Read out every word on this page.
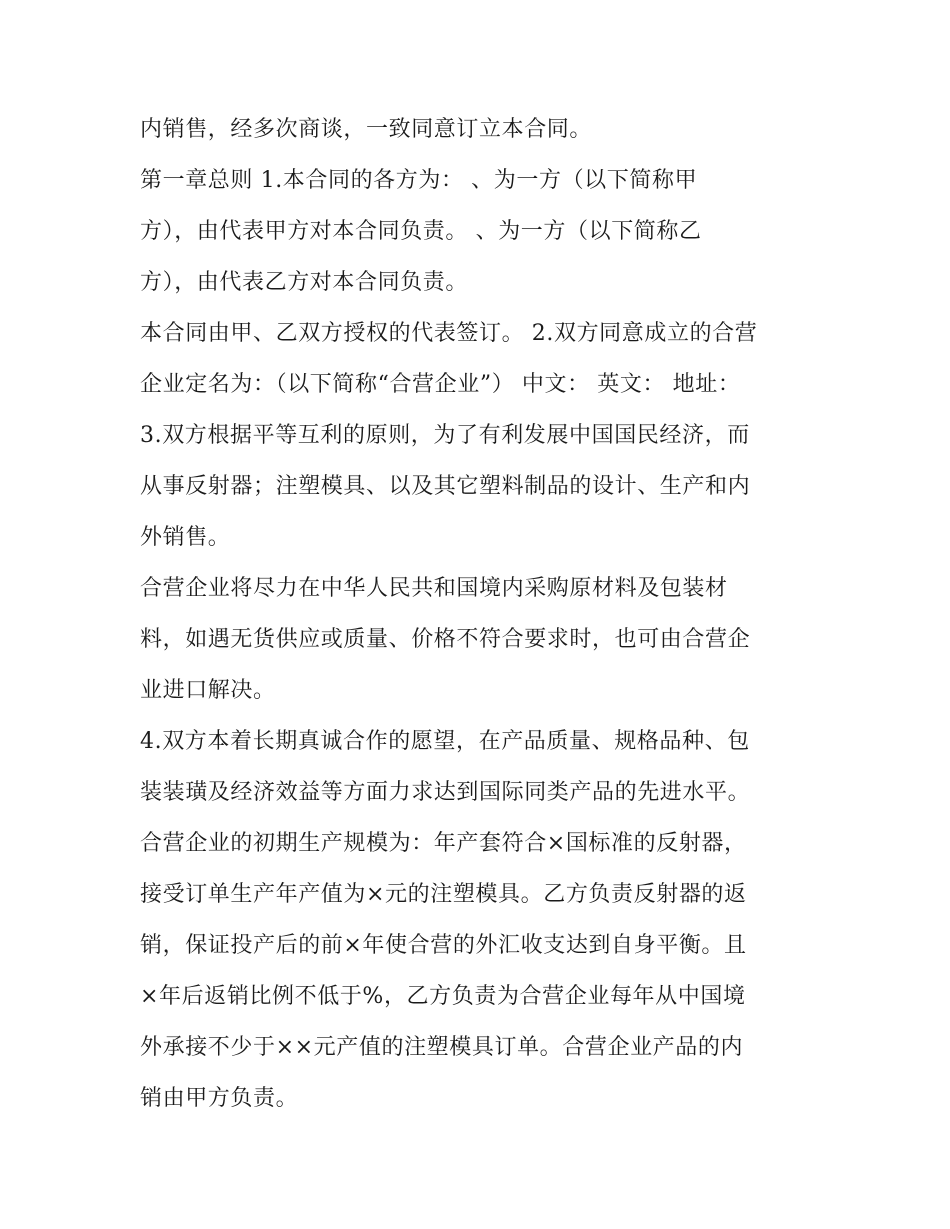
内销售，经多次商谈，一致同意订立本合同。
第一章总则 1.本合同的各方为： 、为一方（以下简称甲
方），由代表甲方对本合同负责。 、为一方（以下简称乙
方），由代表乙方对本合同负责。
本合同由甲、乙双方授权的代表签订。 2.双方同意成立的合营
企业定名为：（以下简称“合营企业”） 中文： 英文： 地址：
3.双方根据平等互利的原则，为了有利发展中国国民经济，而
从事反射器；注塑模具、以及其它塑料制品的设计、生产和内
外销售。
合营企业将尽力在中华人民共和国境内采购原材料及包装材
料，如遇无货供应或质量、价格不符合要求时，也可由合营企
业进口解决。
4.双方本着长期真诚合作的愿望，在产品质量、规格品种、包
装装璜及经济效益等方面力求达到国际同类产品的先进水平。
合营企业的初期生产规模为：年产套符合×国标准的反射器，
接受订单生产年产值为×元的注塑模具。乙方负责反射器的返
销，保证投产后的前×年使合营的外汇收支达到自身平衡。且
×年后返销比例不低于%，乙方负责为合营企业每年从中国境
外承接不少于××元产值的注塑模具订单。合营企业产品的内
销由甲方负责。
